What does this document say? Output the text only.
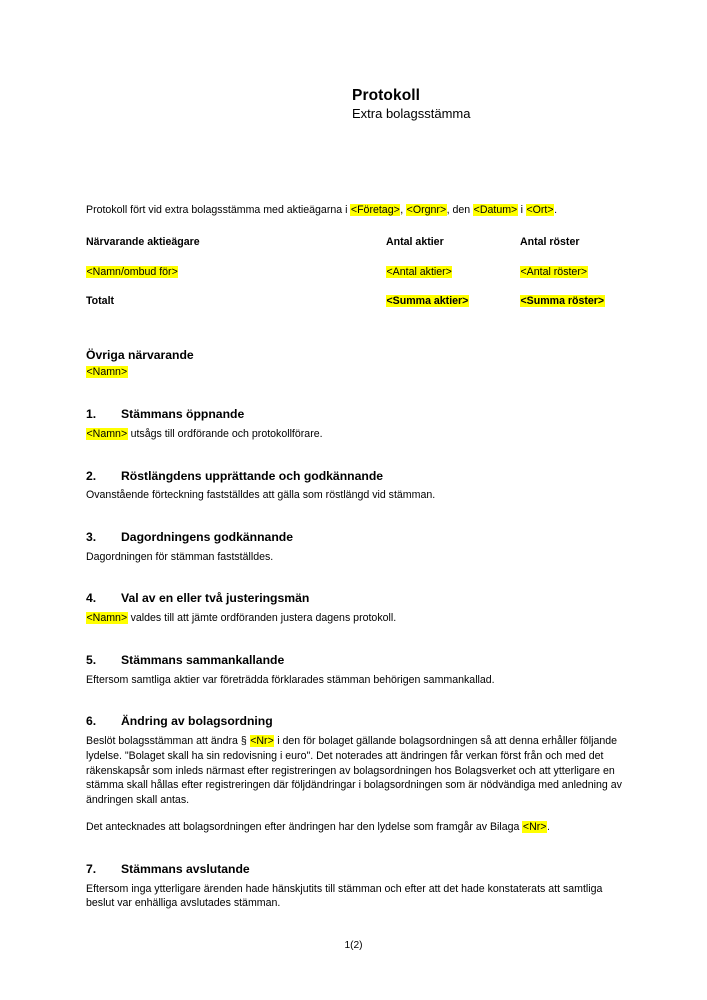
Protokoll
Extra bolagsstämma

Protokoll fört vid extra bolagsstämma med aktieägarna i <Företag>, <Orgnr>, den <Datum> i <Ort>.

Närvarande aktieägare	Antal aktier	Antal röster
<Namn/ombud för>	<Antal aktier>	<Antal röster>
Totalt	<Summa aktier>	<Summa röster>
Övriga närvarande

<Namn>

1.	Stämmans öppnande

<Namn> utsågs till ordförande och protokollförare.

2.	Röstlängdens upprättande och godkännande

Ovanstående förteckning fastställdes att gälla som röstlängd vid stämman.

3.	Dagordningens godkännande

Dagordningen för stämman fastställdes.

4.	Val av en eller två justeringsmän

<Namn> valdes till att jämte ordföranden justera dagens protokoll.

5.	Stämmans sammankallande

Eftersom samtliga aktier var företrädda förklarades stämman behörigen sammankallad.

6.	Ändring av bolagsordning

Beslöt bolagsstämman att ändra § <Nr> i den för bolaget gällande bolagsordningen så att denna erhåller följande lydelse. "Bolaget skall ha sin redovisning i euro". Det noterades att ändringen får verkan först från och med det räkenskapsår som inleds närmast efter registreringen av bolagsordningen hos Bolagsverket och att ytterligare en stämma skall hållas efter registreringen där följdändringar i bolagsordningen som är nödvändiga med anledning av ändringen skall antas.

Det antecknades att bolagsordningen efter ändringen har den lydelse som framgår av Bilaga <Nr>.

7.	Stämmans avslutande

Eftersom inga ytterligare ärenden hade hänskjutits till stämman och efter att det hade konstaterats att samtliga beslut var enhälliga avslutades stämman.

1(2)
